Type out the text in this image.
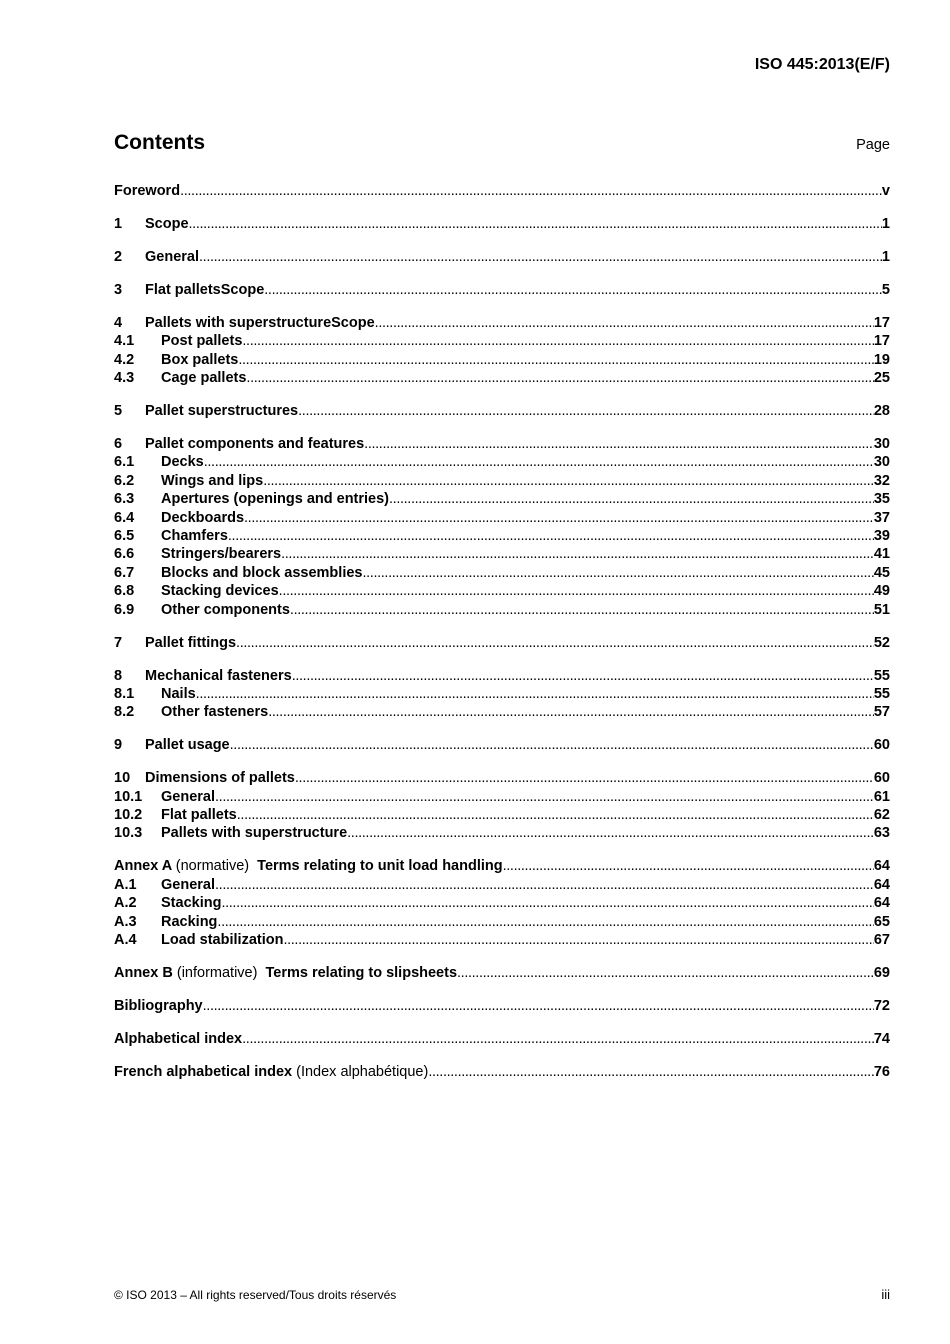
ISO 445:2013(E/F)
Contents	Page
Foreword . . .	v
1	Scope . . .	1
2	General . . .	1
3	Flat palletsScope . . .	5
4	Pallets with superstructureScope . . .	17
4.1	Post pallets . . .	17
4.2	Box pallets . . .	19
4.3	Cage pallets . . .	25
5	Pallet superstructures . . .	28
6	Pallet components and features . . .	30
6.1	Decks . . .	30
6.2	Wings and lips . . .	32
6.3	Apertures (openings and entries) . . .	35
6.4	Deckboards . . .	37
6.5	Chamfers . . .	39
6.6	Stringers/bearers . . .	41
6.7	Blocks and block assemblies . . .	45
6.8	Stacking devices . . .	49
6.9	Other components . . .	51
7	Pallet fittings . . .	52
8	Mechanical fasteners . . .	55
8.1	Nails . . .	55
8.2	Other fasteners . . .	57
9	Pallet usage . . .	60
10	Dimensions of pallets . . .	60
10.1	General . . .	61
10.2	Flat pallets . . .	62
10.3	Pallets with superstructure . . .	63
Annex A (normative) Terms relating to unit load handling . . .	64
A.1	General . . .	64
A.2	Stacking . . .	64
A.3	Racking . . .	65
A.4	Load stabilization . . .	67
Annex B (informative) Terms relating to slipsheets . . .	69
Bibliography . . .	72
Alphabetical index . . .	74
French alphabetical index (Index alphabétique) . . .	76
© ISO 2013 – All rights reserved/Tous droits réservés	iii
